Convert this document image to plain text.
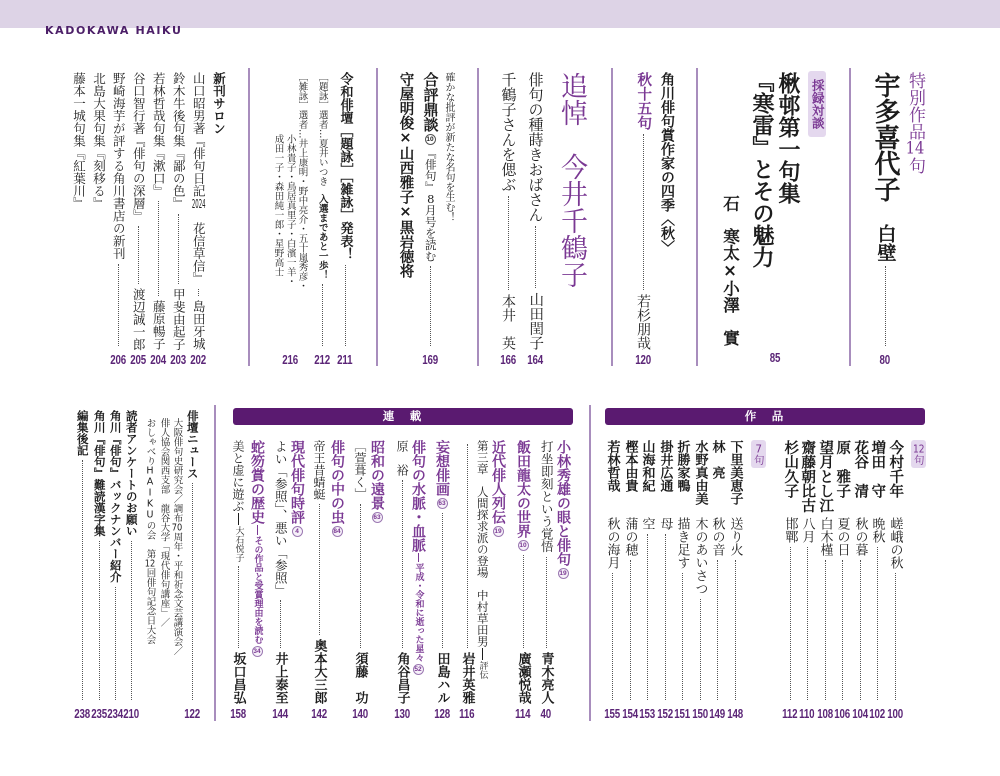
KADOKAWA HAIKU
特別作品14句
宇多喜代子
白壁
80
採録対談
楸邨第一句集
『寒雷』とその魅力
石　寒太×小澤　實
85
角川俳句賞作家の四季〈秋〉
秋十五句
若杉朋哉
120
追悼　今井千鶴子
俳句の種蒔きおばさん
山田閏子
164
千鶴子さんを偲ぶ
本井　英
166
確かな批評が新たな名句を生む！
合評鼎談
10
『俳句』8月号を読む
169
守屋明俊×山西雅子×黒岩徳将
令和俳壇［題詠］［雑詠］発表！
211
［題詠］選者…夏井いつき
入選まであと一歩！
212
［雑詠］選者…井上康明・野中亮介・五十嵐秀彦・
小林貴子・鳥居真里子・白濱一羊・
216
成田一子・森田純一郎・星野高士
新刊サロン
山口昭男著『俳句日記2024　花信草信』
島田牙城
202
鈴木牛後句集『鄙の色』
甲斐由起子
203
若林哲哉句集『漱口』
藤原暢子
204
谷口智行著『俳句の深層』
渡辺誠一郎
205
野崎海芋が評する角川書店の新刊
206
北島大果句集『刻移る』
藤本一城句集『紅葉川』
連　載	作　品
12句
今村千年
嵯峨の秋
100
増田　守
晩秋
102
花谷　清
秋の暮
104
原　雅子
夏の日
106
望月とし江
白木槿
108
齋藤朝比古
八月
110
杉山久子
邯鄲
112
7句
下里美恵子
送り火
148
林　亮
秋の音
149
水野真由美
木のあいさつ
150
折勝家鴨
描き足す
151
掛井広通
母
152
山海和紀
空
153
樫本由貴
蒲の穂
154
若林哲哉
秋の海月
155
小林秀雄の眼と俳句
19
打坐即刻という覚悟
青木亮人
40
飯田龍太の世界
10
廣瀬悦哉
114
近代俳人列伝
19
第三章　人間探求派の登場　中村草田男
評伝
岩井英雅
116
妄想俳画
63
田島ハル
128
俳句の水脈・血脈
平成・令和に逝った星々
52
原　裕
角谷昌子
130
昭和の遠景
63
［萱葺く］
須藤　功
140
俳句の中の虫
84
帝王昔蜻蜓
奥本大三郎
142
現代俳句時評
4
よい「参照」、悪い「参照」
井上泰至
144
蛇笏賞の歴史
その作品と受賞理由を読む
34
美と虚に遊ぶ
大石悦子
坂口昌弘
158
俳壇ニュース
122
大阪俳句史研究会／調布70周年・平和祈念文芸講演会／
俳人協会関西支部　龍谷大学「現代俳句講座」／
おしゃべりHAIKUの会　第12回俳句記念日大会
読者アンケートのお願い
210
角川『俳句』バックナンバー紹介
234
角川『俳句』難読漢字集
235
編集後記
238
